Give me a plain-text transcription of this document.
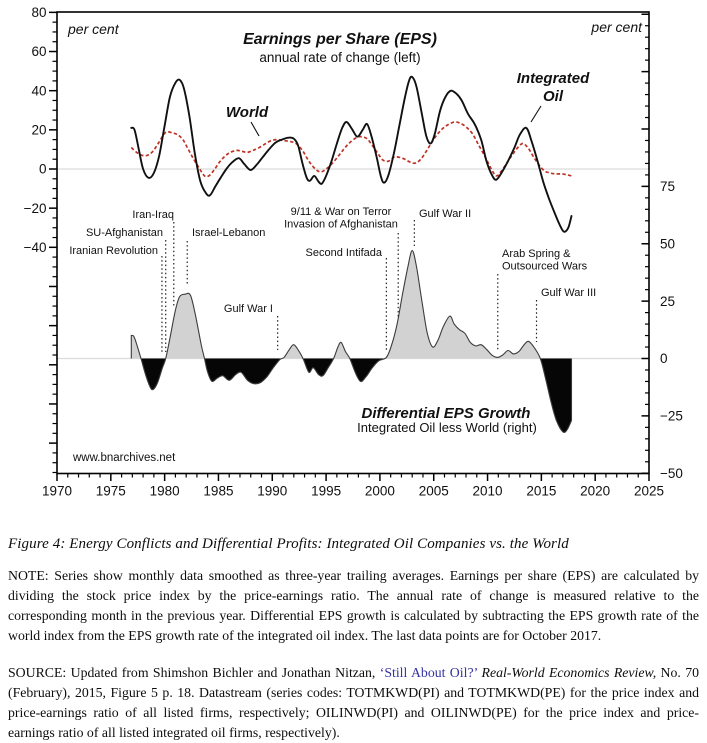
Iranian Revolution
SU-Afghanistan
Iran-Iraq
Israel-Lebanon
Gulf War I
9/11 & War on Terror
Invasion of Afghanistan
Second Intifada
Gulf War II
Arab Spring &
Outsourced Wars
Gulf War III
80
60
40
20
0
−20
−40
75
50
25
0
−25
−50
1970 1975 1980 1985 1990 1995 2000 2005 2010 2015 2020 2025
per cent	per cent
Earnings per Share (EPS)
annual rate of change (left)
Differential EPS Growth
Integrated Oil less World (right)
World
Integrated
Oil
www.bnarchives.net

Figure 4: Energy Conflicts and Differential Profits: Integrated Oil Companies vs. the World

NOTE: Series show monthly data smoothed as three-year trailing averages. Earnings per share (EPS) are calculated by dividing the stock price index by the price-earnings ratio. The annual rate of change is measured relative to the corresponding month in the previous year. Differential EPS growth is calculated by subtracting the EPS growth rate of the world index from the EPS growth rate of the integrated oil index. The last data points are for October 2017.

SOURCE: Updated from Shimshon Bichler and Jonathan Nitzan, ‘Still About Oil?’ Real-World Economics Review, No. 70 (February), 2015, Figure 5 p. 18. Datastream (series codes: TOTMKWD(PI) and TOTMKWD(PE) for the price index and price-earnings ratio of all listed firms, respectively; OILINWD(PI) and OILINWD(PE) for the price index and price-earnings ratio of all listed integrated oil firms, respectively).
